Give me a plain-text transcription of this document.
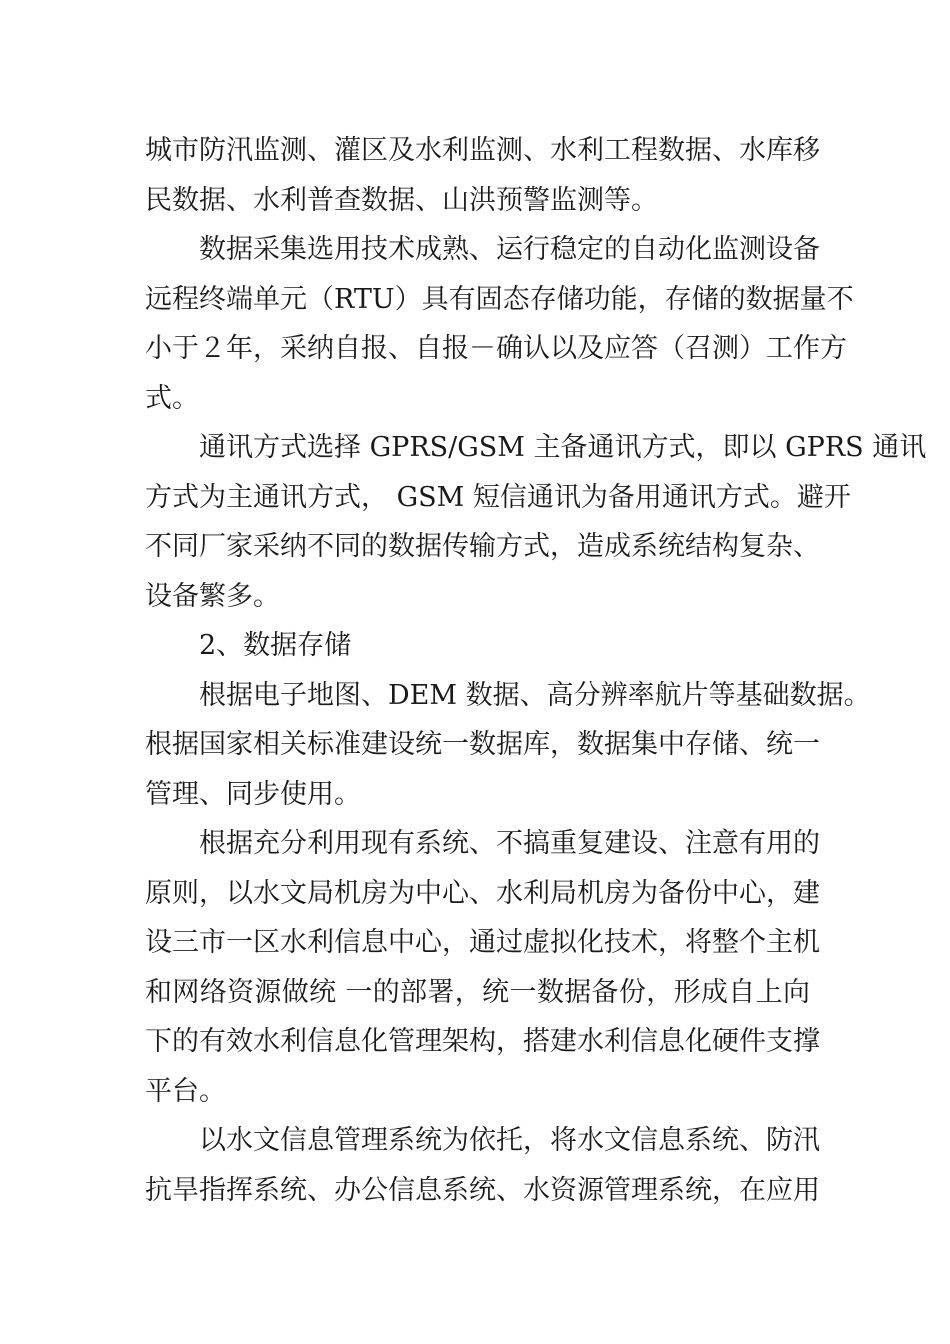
城市防汛监测、灌区及水利监测、水利工程数据、水库移
民数据、水利普查数据、山洪预警监测等。
数据采集选用技术成熟、运行稳定的自动化监测设备
远程终端单元（RTU）具有固态存储功能，存储的数据量不
小于２年，采纳自报、自报－确认以及应答（召测）工作方
式。
通讯方式选择 GPRS/GSM 主备通讯方式，即以 GPRS 通讯
方式为主通讯方式， GSM 短信通讯为备用通讯方式。避开
不同厂家采纳不同的数据传输方式，造成系统结构复杂、
设备繁多。
2、数据存储
根据电子地图、DEM 数据、高分辨率航片等基础数据。
根据国家相关标准建设统一数据库，数据集中存储、统一
管理、同步使用。
根据充分利用现有系统、不搞重复建设、注意有用的
原则，以水文局机房为中心、水利局机房为备份中心，建
设三市一区水利信息中心，通过虚拟化技术，将整个主机
和网络资源做统 一的部署，统一数据备份，形成自上向
下的有效水利信息化管理架构，搭建水利信息化硬件支撑
平台。
以水文信息管理系统为依托，将水文信息系统、防汛
抗旱指挥系统、办公信息系统、水资源管理系统，在应用
